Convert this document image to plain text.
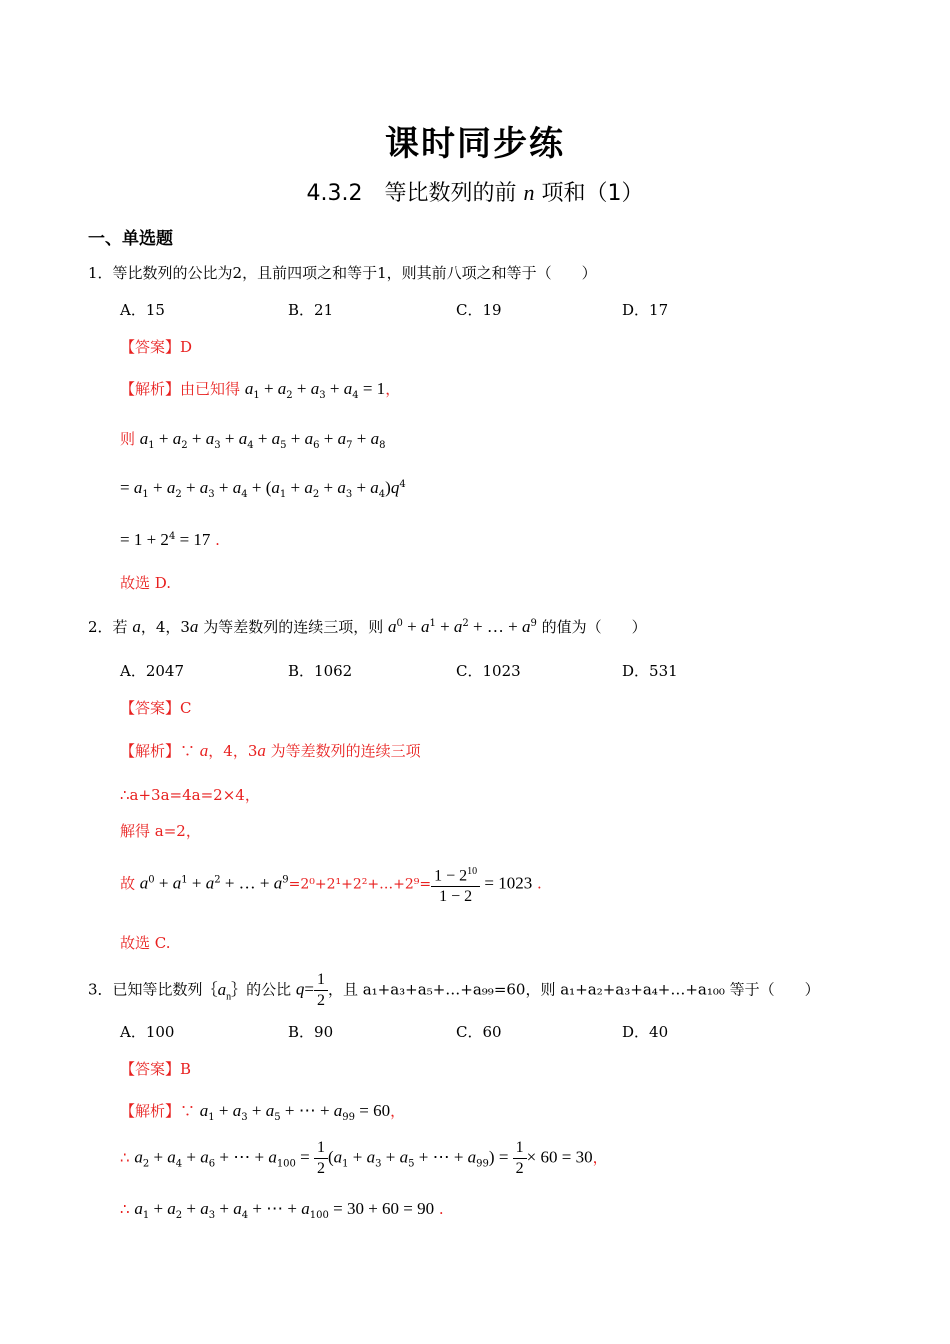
课时同步练
4.3.2　等比数列的前 n 项和（1）
一、单选题
1．等比数列的公比为2，且前四项之和等于1，则其前八项之和等于（　　）
A．15	B．21	C．19	D．17
【答案】D
【解析】由已知得 $a_1 + a_2 + a_3 + a_4 = 1$，
则 $a_1 + a_2 + a_3 + a_4 + a_5 + a_6 + a_7 + a_8$
= $a_1 + a_2 + a_3 + a_4 + (a_1 + a_2 + a_3 + a_4)q^4$
= $1 + 2^4 = 17$ .
故选 D.
2．若 a，4，3a 为等差数列的连续三项，则 $a^0 + a^1 + a^2$ + … + $a^9$ 的值为（　　）
A．2047	B．1062	C．1023	D．531
【答案】C
【解析】∵ a，4，3a 为等差数列的连续三项
∴a+3a=4a=2×4，
解得 a=2，
故 $a^0 + a^1 + a^2$ + … + $a^9=2^0+2^1+2^2+\dots+2^9= \frac{1 - 2^{10}}{1 - 2} = 1023$ .
故选 C.
3．已知等比数列$\{a_n\}$的公比 $q= \frac{1}{2}$ ，且 a₁+a₃+a₅+…+a₉₉=60，则 a₁+a₂+a₃+a₄+…+a₁₀₀ 等于（　　）
A．100	B．90	C．60	D．40
【答案】B
【解析】∵ $a_1 + a_3 + a_5$ + ⋯ + $a_{99} = 60$，
∴ $a_2 + a_4 + a_6$ + ⋯ + $a_{100} = \frac{1}{2} (a_1 + a_3 + a_5$ + ⋯ + $a_{99}) = \frac{1}{2} \times 60 = 30$，
∴ $a_1 + a_2 + a_3 + a_4$ + ⋯ + $a_{100} = 30 + 60 = 90$ .
